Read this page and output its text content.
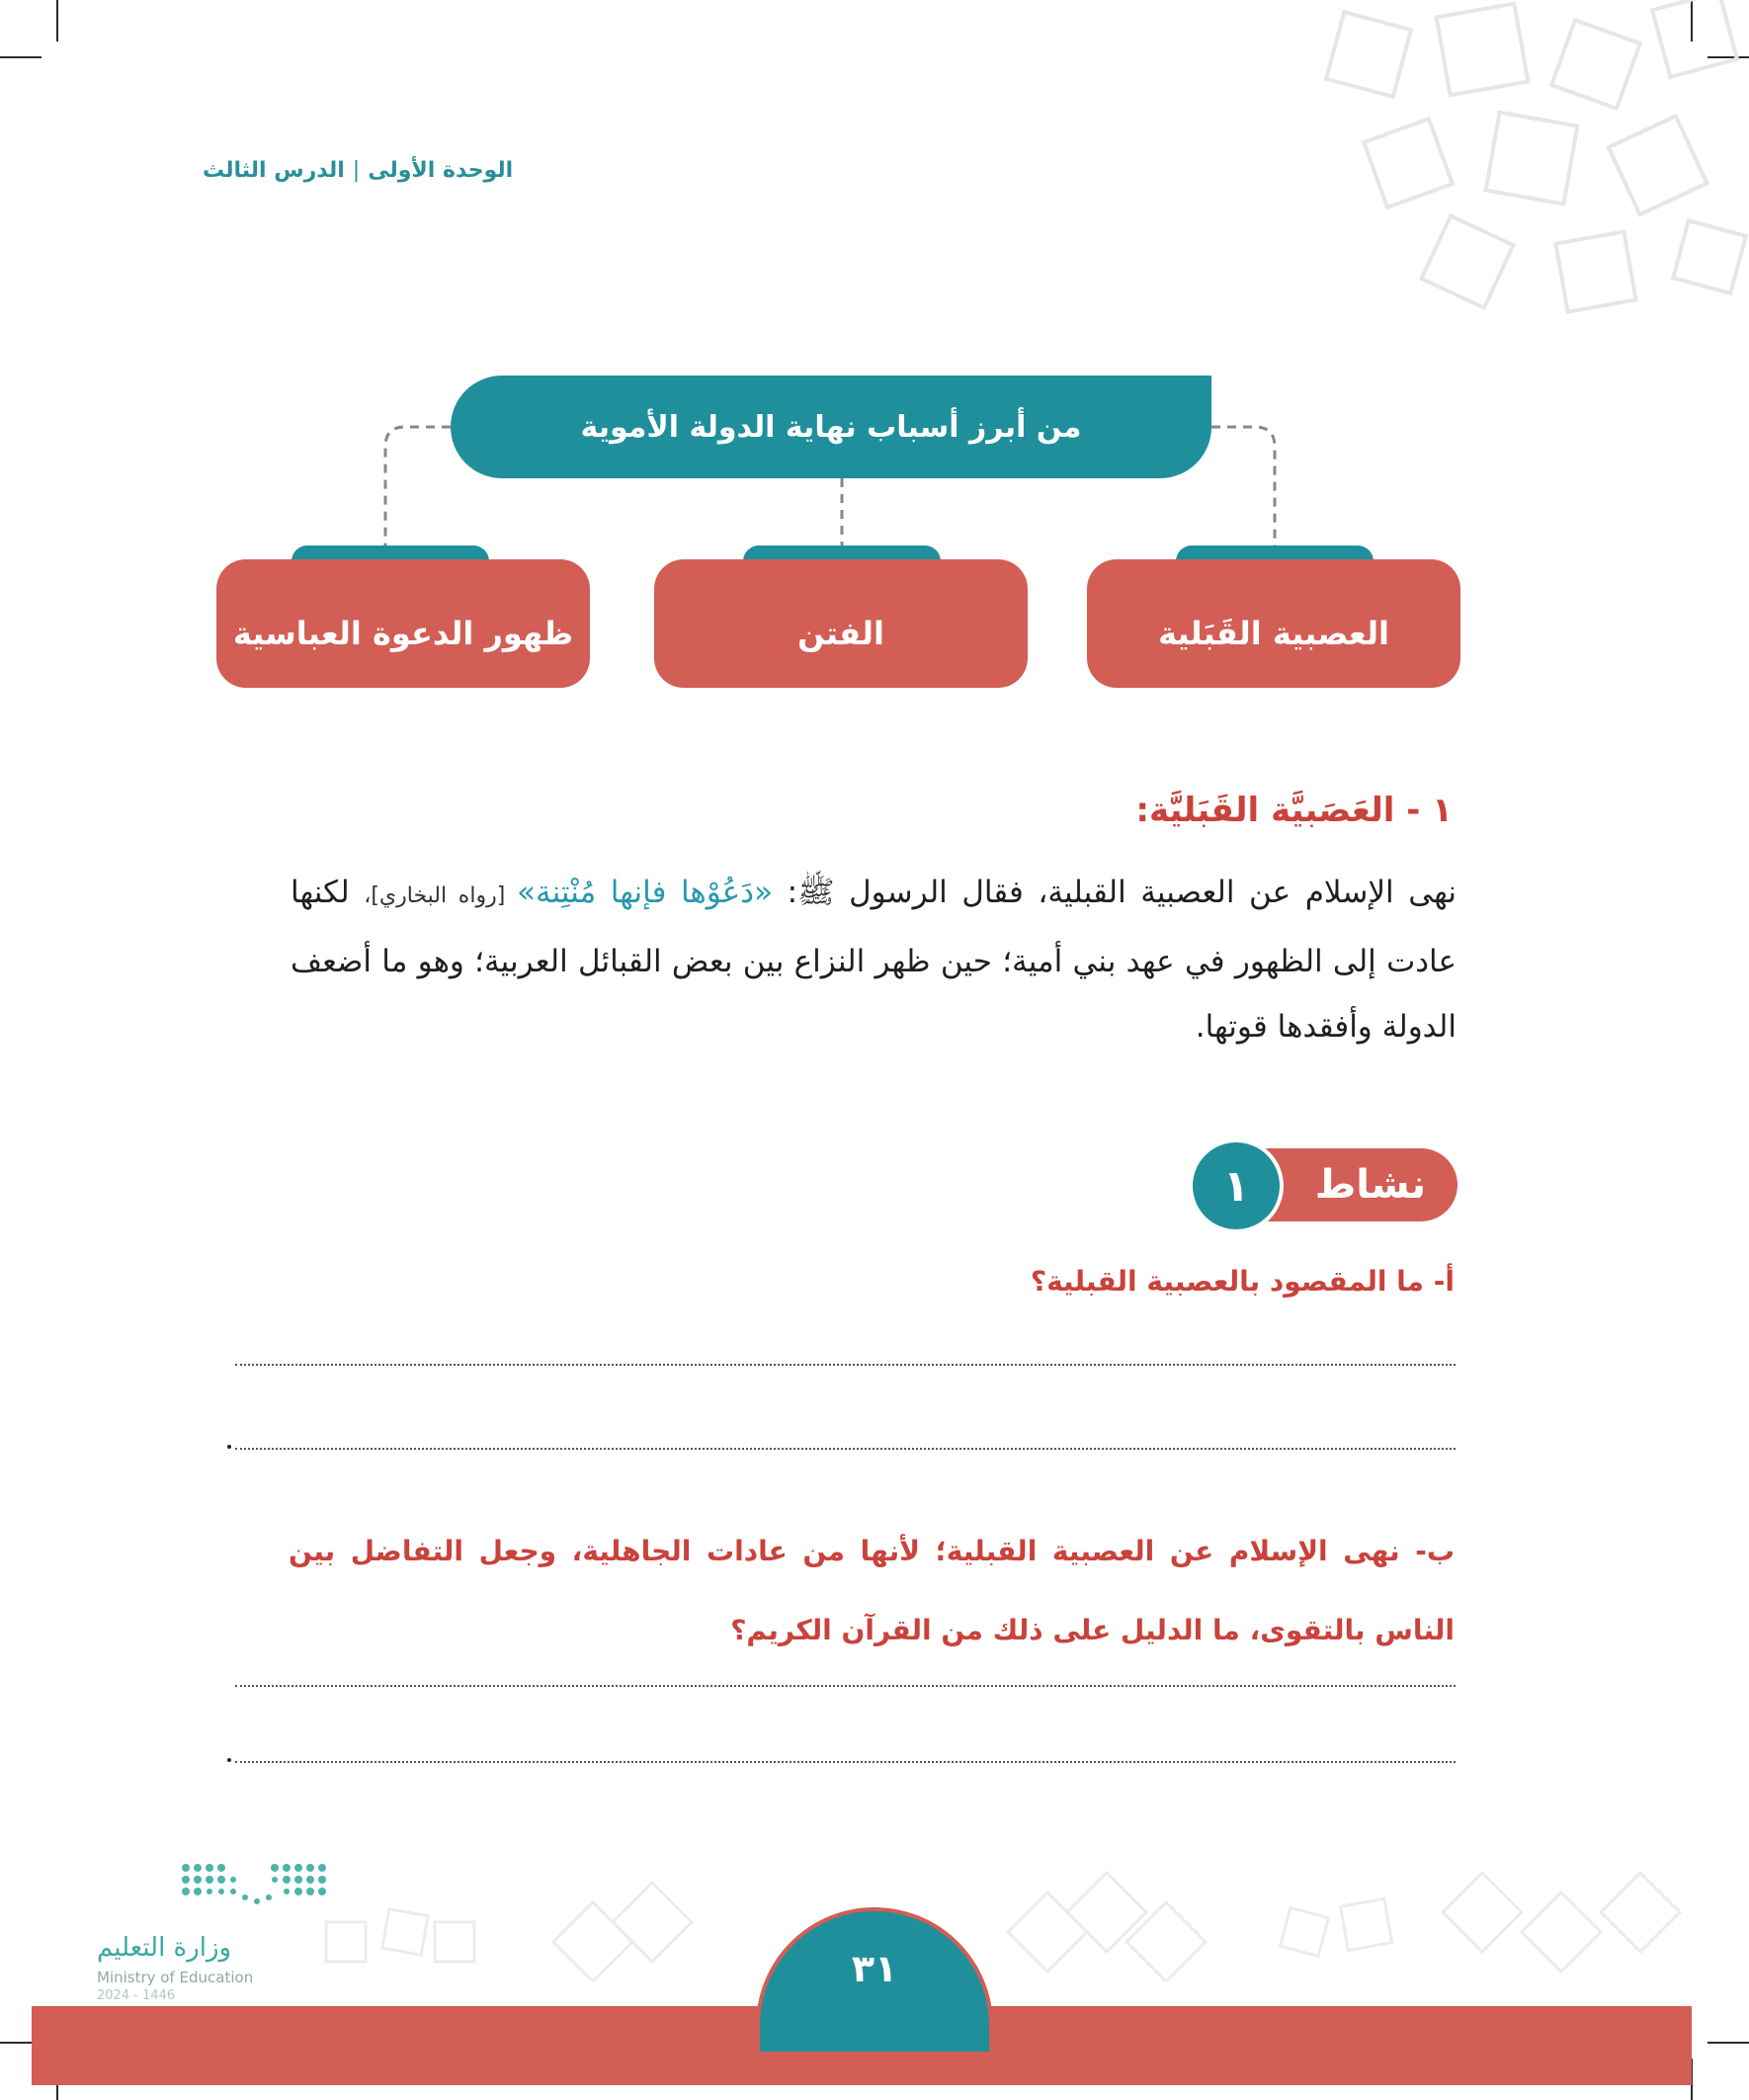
الوحدة الأولى|الدرس الثالث
من أبرز أسباب نهاية الدولة الأموية
العصبية القَبَلية
الفتن
ظهور الدعوة العباسية
١ - العَصَبيَّة القَبَليَّة:
نهى الإسلام عن العصبية القبلية، فقال الرسول ﷺ: «دَعُوْها فإنها مُنْتِنة» [رواه البخاري]، لكنها عادت إلى الظهور في عهد بني أمية؛ حين ظهر النزاع بين بعض القبائل العربية؛ وهو ما أضعف الدولة وأفقدها قوتها.
نشاط
١
أ- ما المقصود بالعصبية القبلية؟
ب- نهى الإسلام عن العصبية القبلية؛ لأنها من عادات الجاهلية، وجعل التفاضل بين الناس بالتقوى، ما الدليل على ذلك من القرآن الكريم؟
٣١
وزارة التعليم
Ministry of Education
2024 - 1446
